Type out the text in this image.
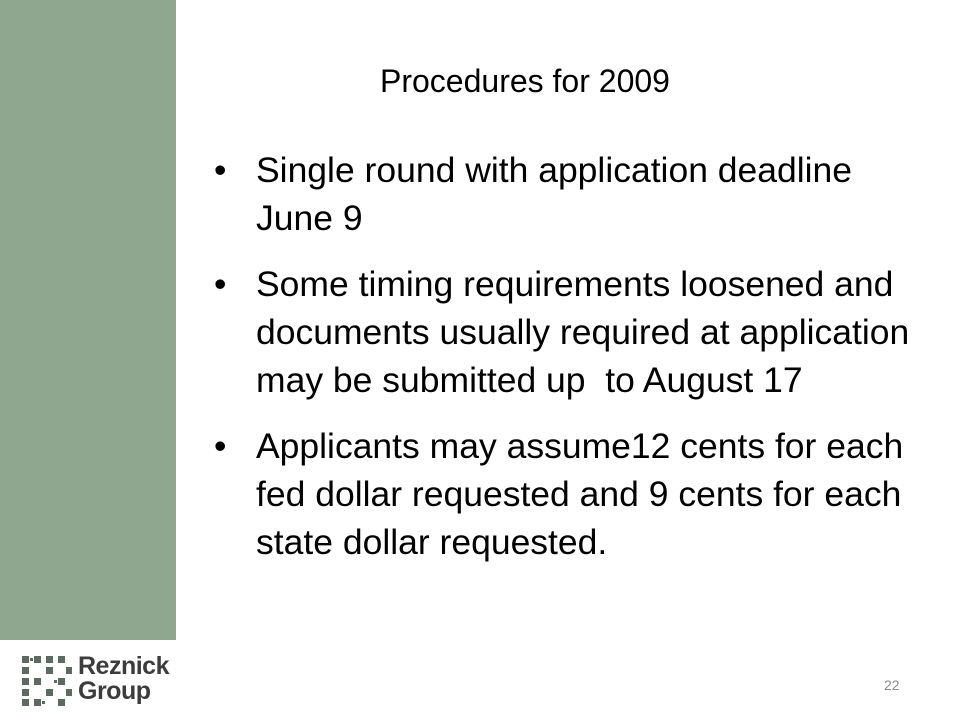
Procedures for 2009
• Single round with application deadline June 9
• Some timing requirements loosened and documents usually required at application may be submitted up  to August 17
• Applicants may assume12 cents for each fed dollar requested and 9 cents for each state dollar requested.
Reznick
Group	22
